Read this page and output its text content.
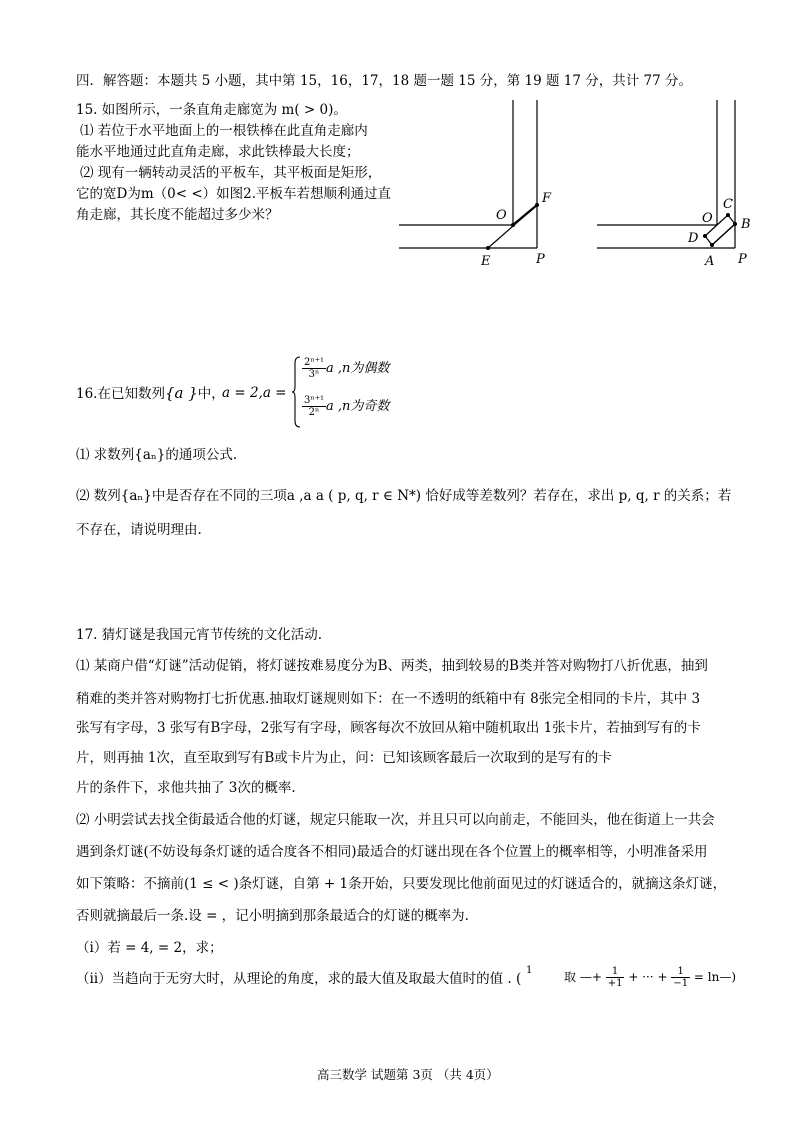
四．解答题：本题共 5 小题，其中第 15，16，17，18 题一题 15 分，第 19 题 17 分，共计 77 分。
15. 如图所示，一条直角走廊宽为 m( > 0)。
⑴ 若位于水平地面上的一根铁棒在此直角走廊内
能水平地通过此直角走廊，求此铁棒最大长度；
⑵ 现有一辆转动灵活的平板车，其平板面是矩形，
它的宽D为m（0< <）如图2.平板车若想顺利通过直
角走廊，其长度不能超过多少米？	O
F
E	P
O
C
B
D
A P
16.在已知数列{a }中，
a = 2,a =
$\frac{\text{2ⁿ⁺¹}}{\text{3ⁿ}}$ a ,n为偶数
$\frac{\text{3ⁿ⁺¹}}{\text{2ⁿ}}$ a ,n为奇数
⑴ 求数列{aₙ}的通项公式.
⑵ 数列{aₙ}中是否存在不同的三项a ,a a ( p, q, r ∈ N*) 恰好成等差数列？若存在，求出 p, q, r 的关系；若
不存在，请说明理由.
17. 猜灯谜是我国元宵节传统的文化活动.
⑴ 某商户借“灯谜”活动促销，将灯谜按难易度分为B、两类，抽到较易的B类并答对购物打八折优惠，抽到
稍难的类并答对购物打七折优惠.抽取灯谜规则如下：在一不透明的纸箱中有 8张完全相同的卡片，其中 3
张写有字母，3 张写有B字母，2张写有字母，顾客每次不放回从箱中随机取出 1张卡片，若抽到写有的卡
片，则再抽 1次，直至取到写有B或卡片为止，问：已知该顾客最后一次取到的是写有的卡
片的条件下，求他共抽了 3次的概率.
⑵ 小明尝试去找全街最适合他的灯谜，规定只能取一次，并且只可以向前走，不能回头，他在街道上一共会
遇到条灯谜(不妨设每条灯谜的适合度各不相同)最适合的灯谜出现在各个位置上的概率相等，小明准备采用
如下策略：不摘前(1 ≤ < )条灯谜，自第 + 1条开始，只要发现比他前面见过的灯谜适合的，就摘这条灯谜，
否则就摘最后一条.设 = ，记小明摘到那条最适合的灯谜的概率为.
（i）若 = 4, = 2，求；
（ⅱ）当趋向于无穷大时，从理论的角度，求的最大值及取最大值时的值 . (
1	取 —+ $\frac{1}{+1}$ + ··· + $\frac{1}{-1}$ = ln—)
高三数学 试题第 3页 （共 4页）
